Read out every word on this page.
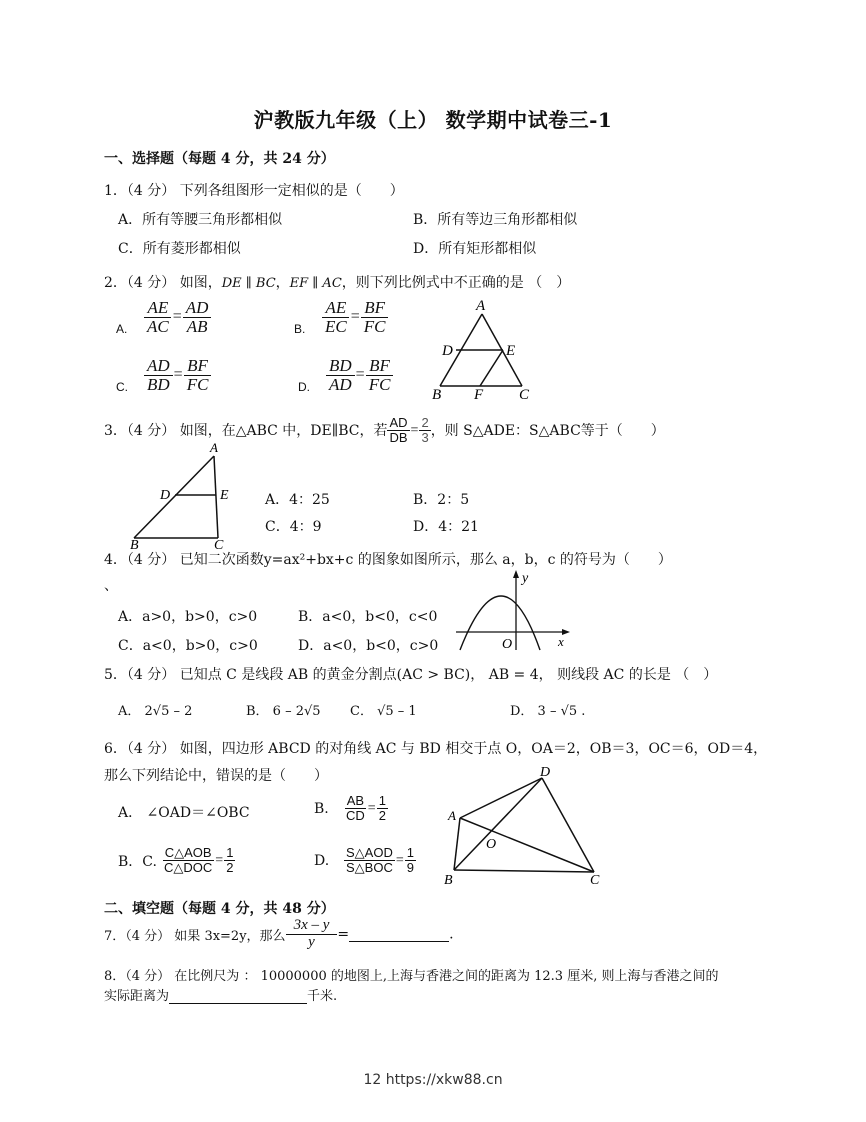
沪教版九年级（上） 数学期中试卷三-1
一、选择题（每题 4 分，共 24 分）
1．（4 分） 下列各组图形一定相似的是（　　）
A．所有等腰三角形都相似	B．所有等边三角形都相似
C．所有菱形都相似	D．所有矩形都相似
2．（4 分） 如图，DE ∥ BC，EF ∥ AC，则下列比例式中不正确的是 （　）
A. $\frac{AE}{AC} = \frac{AD}{AB}$	B. $\frac{AE}{EC} = \frac{BF}{FC}$
C. $\frac{AD}{BD} = \frac{BF}{FC}$	D. $\frac{BD}{AD} = \frac{BF}{FC}$
A
D	E
B F C
3．（4 分） 如图，在△ABC 中，DE∥BC，若 $\frac{AD}{DB} = \frac{2}{3}$ ，则 S△ADE：S△ABC等于（　　）
A
D	E
B	C
A．4：25	B．2：5
C．4：9	D．4：21
4．（4 分） 已知二次函数y=ax²+bx+c 的图象如图所示，那么 a，b，c 的符号为（　　）
、
A．a>0，b>0，c>0	B．a<0，b<0，c<0
C．a<0，b>0，c>0	D．a<0，b<0，c>0
y
x
O
5．（4 分） 已知点 C 是线段 AB 的黄金分割点(AC > BC)， AB = 4， 则线段 AC 的长是 （　）
A． 2√5 – 2	B． 6 – 2√5 C． √5 – 1	D． 3 – √5 .
6．（4 分） 如图，四边形 ABCD 的对角线 AC 与 BD 相交于点 O，OA＝2，OB＝3，OC＝6，OD＝4，
那么下列结论中，错误的是（　　）
A． ∠OAD＝∠OBC	B. $\frac{AB}{CD} = \frac{1}{2}$
B．C. $\frac{\text{C△AOB}}{\text{C△DOC}} = \frac{1}{2}$	D. $\frac{\text{S△AOD}}{\text{S△BOC}} = \frac{1}{9}$
D
A
O
B	C
二、填空题（每题 4 分，共 48 分）
7．（4 分） 如果 3x=2y，那么 $\frac{3x - y}{y}$ =	.
8．（4 分） 在比例尺为 ： 10000000 的地图上,上海与香港之间的距离为 12.3 厘米, 则上海与香港之间的
实际距离为	千米.
12 https://xkw88.cn
